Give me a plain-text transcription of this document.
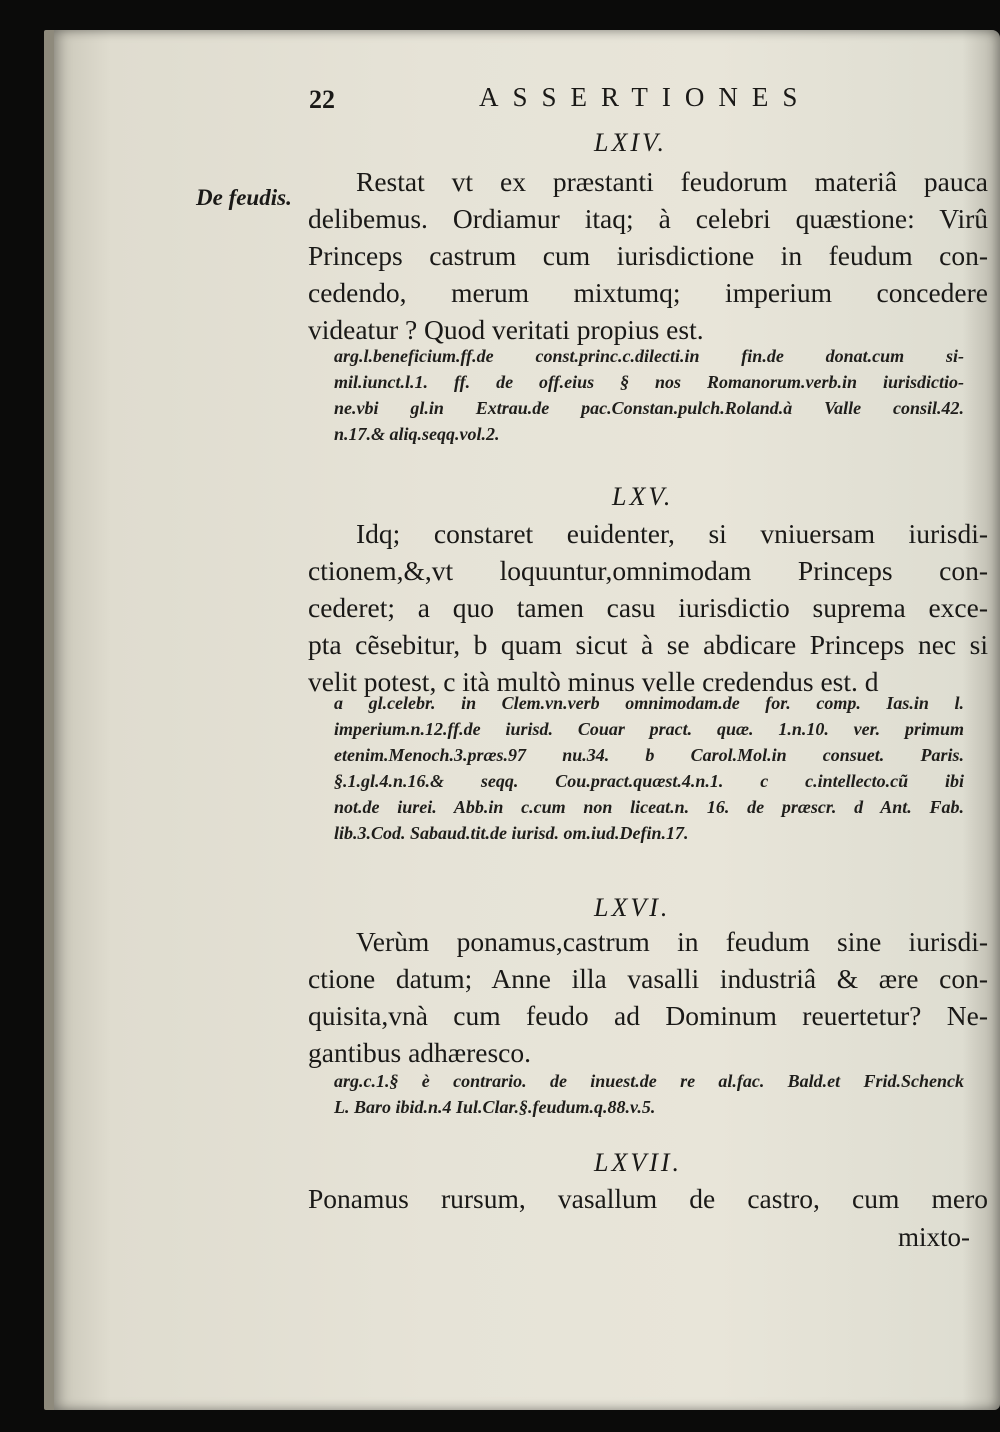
22	ASSERTIONES
De feudis.
LXIV.
Restat vt ex præstanti feudorum materiâ pauca
delibemus. Ordiamur itaq; à celebri quæstione: Virû
Princeps castrum cum iurisdictione in feudum con-
cedendo, merum mixtumq; imperium concedere
videatur ? Quod veritati propius est.
arg.l.beneficium.ff.de const.princ.c.dilecti.in fin.de donat.cum si-
mil.iunct.l.1. ff. de off.eius § nos Romanorum.verb.in iurisdictio-
ne.vbi gl.in Extrau.de pac.Constan.pulch.Roland.à Valle consil.42.
n.17.& aliq.seqq.vol.2.
LXV.
Idq; constaret euidenter, si vniuersam iurisdi-
ctionem,&,vt loquuntur,omnimodam Princeps con-
cederet; a quo tamen casu iurisdictio suprema exce-
pta cẽsebitur, b quam sicut à se abdicare Princeps nec si
velit potest, c ità multò minus velle credendus est. d
a gl.celebr. in Clem.vn.verb omnimodam.de for. comp. Ias.in l.
imperium.n.12.ff.de iurisd. Couar pract. quæ. 1.n.10. ver. primum
etenim.Menoch.3.præs.97 nu.34. b Carol.Mol.in consuet. Paris.
§.1.gl.4.n.16.& seqq. Cou.pract.quæst.4.n.1. c c.intellecto.cũ ibi
not.de iurei. Abb.in c.cum non liceat.n. 16. de præscr. d Ant. Fab.
lib.3.Cod. Sabaud.tit.de iurisd. om.iud.Defin.17.
LXVI.
Verùm ponamus,castrum in feudum sine iurisdi-
ctione datum; Anne illa vasalli industriâ & ære con-
quisita,vnà cum feudo ad Dominum reuertetur? Ne-
gantibus adhæresco.
arg.c.1.§ è contrario. de inuest.de re al.fac. Bald.et Frid.Schenck
L. Baro ibid.n.4 Iul.Clar.§.feudum.q.88.v.5.
LXVII.
Ponamus rursum, vasallum de castro, cum mero
mixto-
